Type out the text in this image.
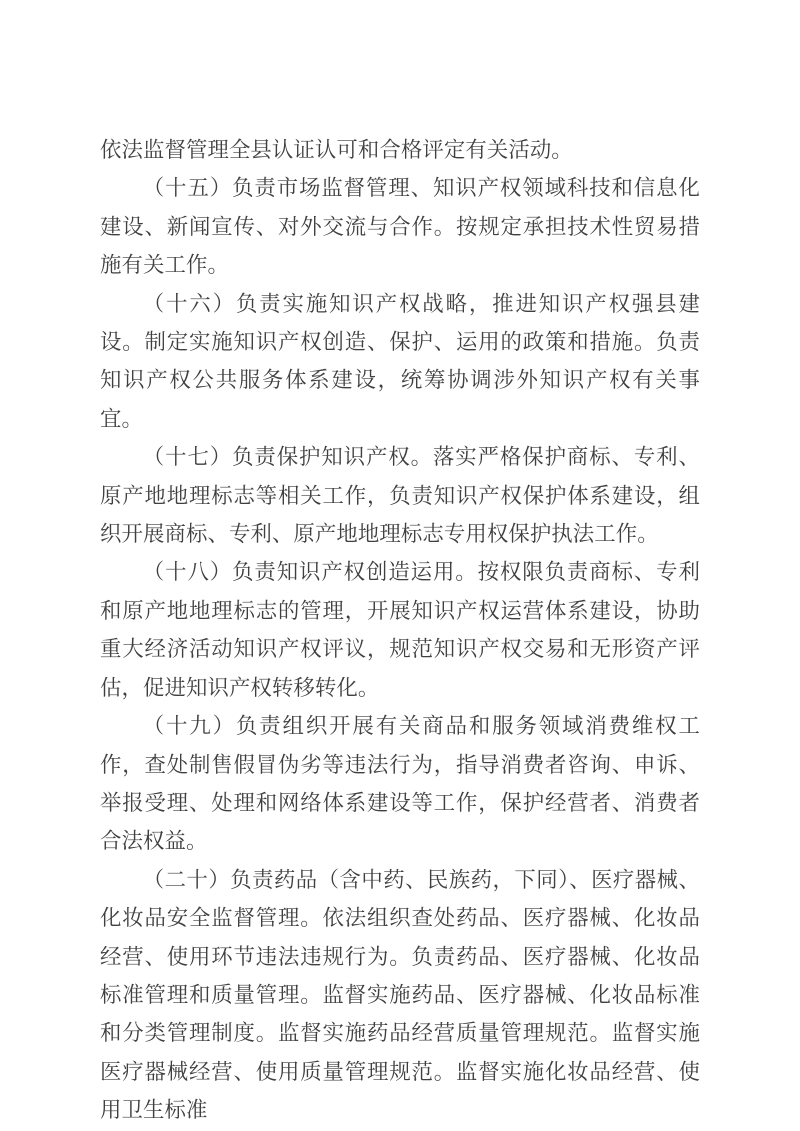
依法监督管理全县认证认可和合格评定有关活动。

（十五）负责市场监督管理、知识产权领域科技和信息化建设、新闻宣传、对外交流与合作。按规定承担技术性贸易措施有关工作。

（十六）负责实施知识产权战略，推进知识产权强县建设。制定实施知识产权创造、保护、运用的政策和措施。负责知识产权公共服务体系建设，统筹协调涉外知识产权有关事宜。

（十七）负责保护知识产权。落实严格保护商标、专利、原产地地理标志等相关工作，负责知识产权保护体系建设，组织开展商标、专利、原产地地理标志专用权保护执法工作。

（十八）负责知识产权创造运用。按权限负责商标、专利和原产地地理标志的管理，开展知识产权运营体系建设，协助重大经济活动知识产权评议，规范知识产权交易和无形资产评估，促进知识产权转移转化。

（十九）负责组织开展有关商品和服务领域消费维权工作，查处制售假冒伪劣等违法行为，指导消费者咨询、申诉、举报受理、处理和网络体系建设等工作，保护经营者、消费者合法权益。

（二十）负责药品（含中药、民族药，下同）、医疗器械、化妆品安全监督管理。依法组织查处药品、医疗器械、化妆品经营、使用环节违法违规行为。负责药品、医疗器械、化妆品标准管理和质量管理。监督实施药品、医疗器械、化妆品标准和分类管理制度。监督实施药品经营质量管理规范。监督实施医疗器械经营、使用质量管理规范。监督实施化妆品经营、使用卫生标准
